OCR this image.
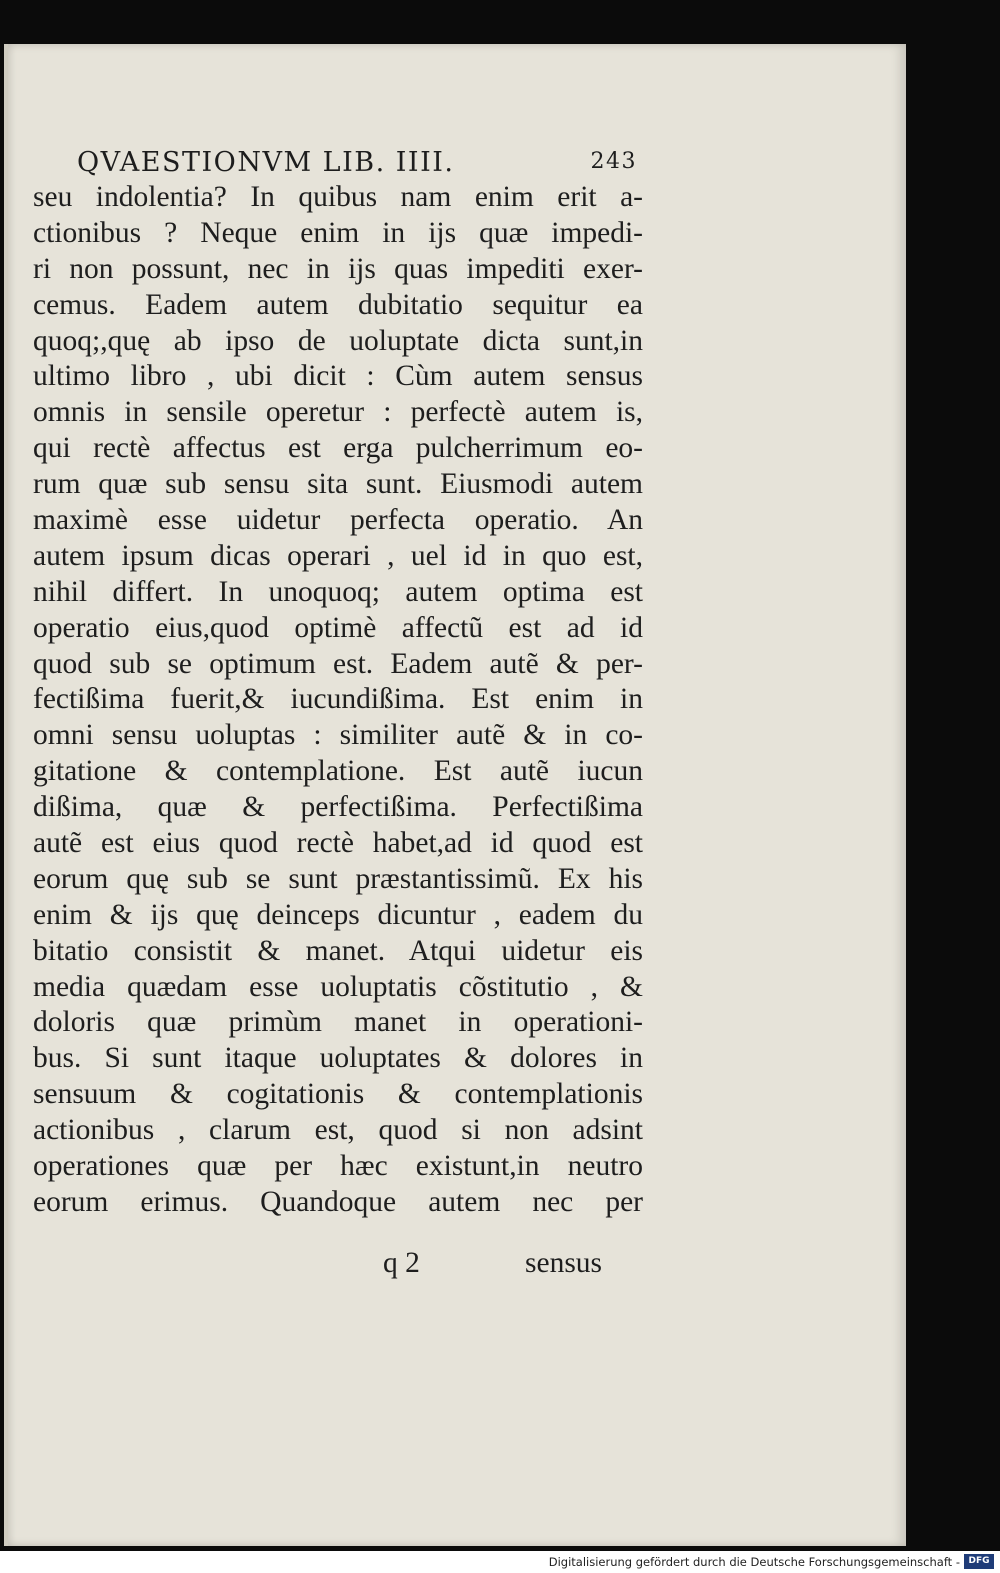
QVAESTIONVM LIB. IIII.	243
seu indolentia? In quibus nam enim erit a-
ctionibus ? Neque enim in ijs quæ impedi-
ri non possunt, nec in ijs quas impediti exer-
cemus. Eadem autem dubitatio sequitur ea
quoq;,quę ab ipso de uoluptate dicta sunt,in
ultimo libro , ubi dicit : Cùm autem sensus
omnis in sensile operetur : perfectè autem is,
qui rectè affectus est erga pulcherrimum eo-
rum quæ sub sensu sita sunt. Eiusmodi autem
maximè esse uidetur perfecta operatio. An
autem ipsum dicas operari , uel id in quo est,
nihil differt. In unoquoq; autem optima est
operatio eius,quod optimè affectũ est ad id
quod sub se optimum est. Eadem autẽ & per-
fectißima fuerit,& iucundißima. Est enim in
omni sensu uoluptas : similiter autẽ & in co-
gitatione & contemplatione. Est autẽ iucun
dißima, quæ & perfectißima. Perfectißima
autẽ est eius quod rectè habet,ad id quod est
eorum quę sub se sunt præstantissimũ. Ex his
enim & ijs quę deinceps dicuntur , eadem du
bitatio consistit & manet. Atqui uidetur eis
media quædam esse uoluptatis cõstitutio , &
doloris quæ primùm manet in operationi-
bus. Si sunt itaque uoluptates & dolores in
sensuum & cogitationis & contemplationis
actionibus , clarum est, quod si non adsint
operationes quæ per hæc existunt,in neutro
eorum erimus. Quandoque autem nec per
q 2	sensus
Digitalisierung gefördert durch die Deutsche Forschungsgemeinschaft - DFG
